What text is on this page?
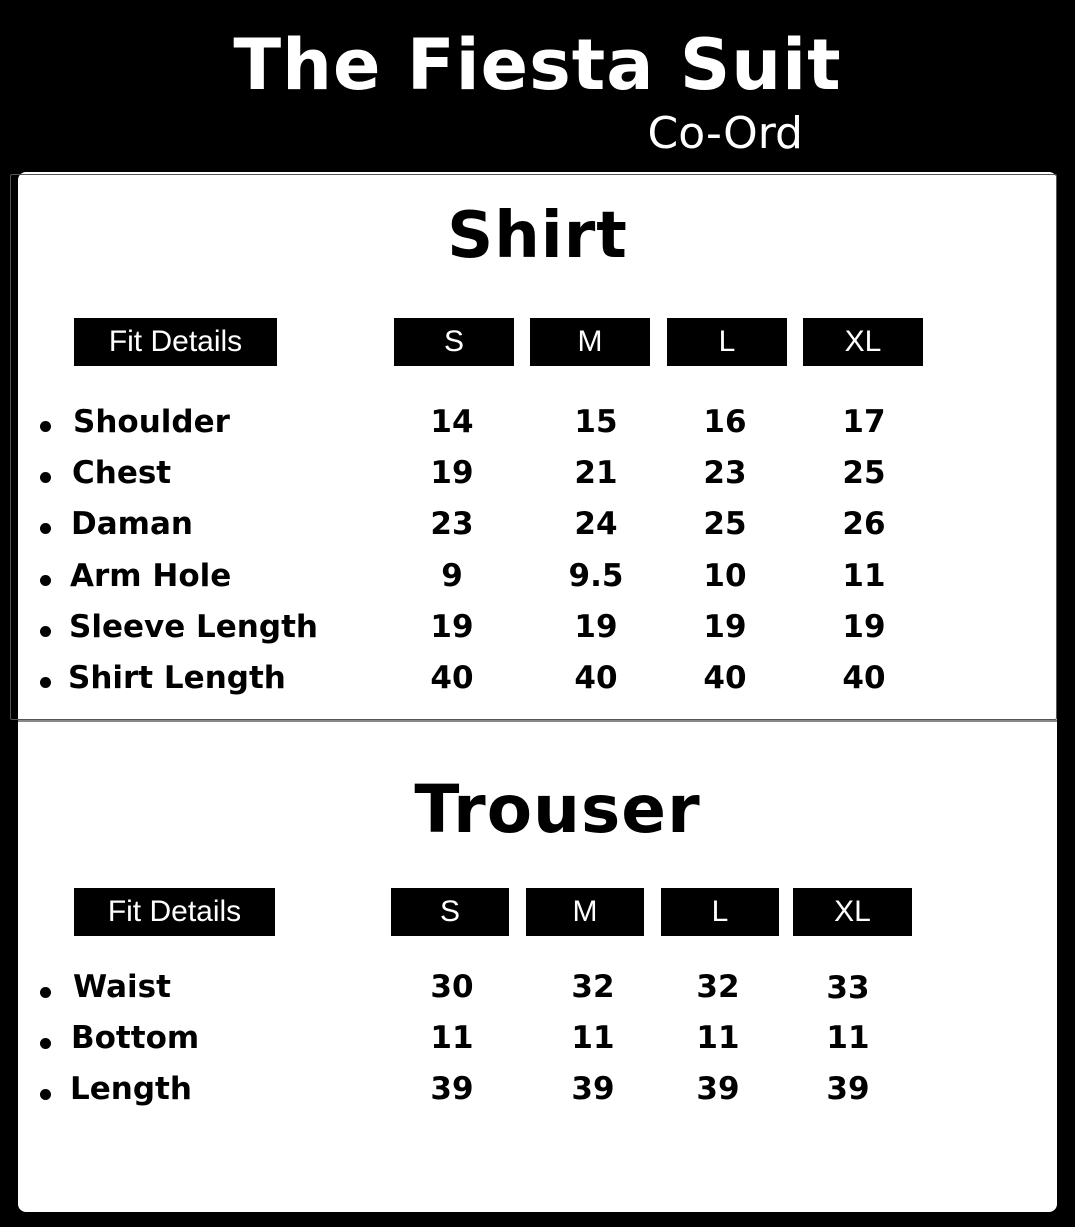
The Fiesta Suit
Co-Ord
Shirt
Fit Details	S	M	L	XL
Shoulder	14	15	16	17
Chest	19	21	23	25
Daman	23	24	25	26
Arm Hole	9	9.5	10	11
Sleeve Length	19	19	19	19
Shirt Length	40	40	40	40
Trouser
Fit Details	S	M	L	XL
Waist	30	32	32	33
Bottom	11	11	11	11
Length	39	39	39	39
